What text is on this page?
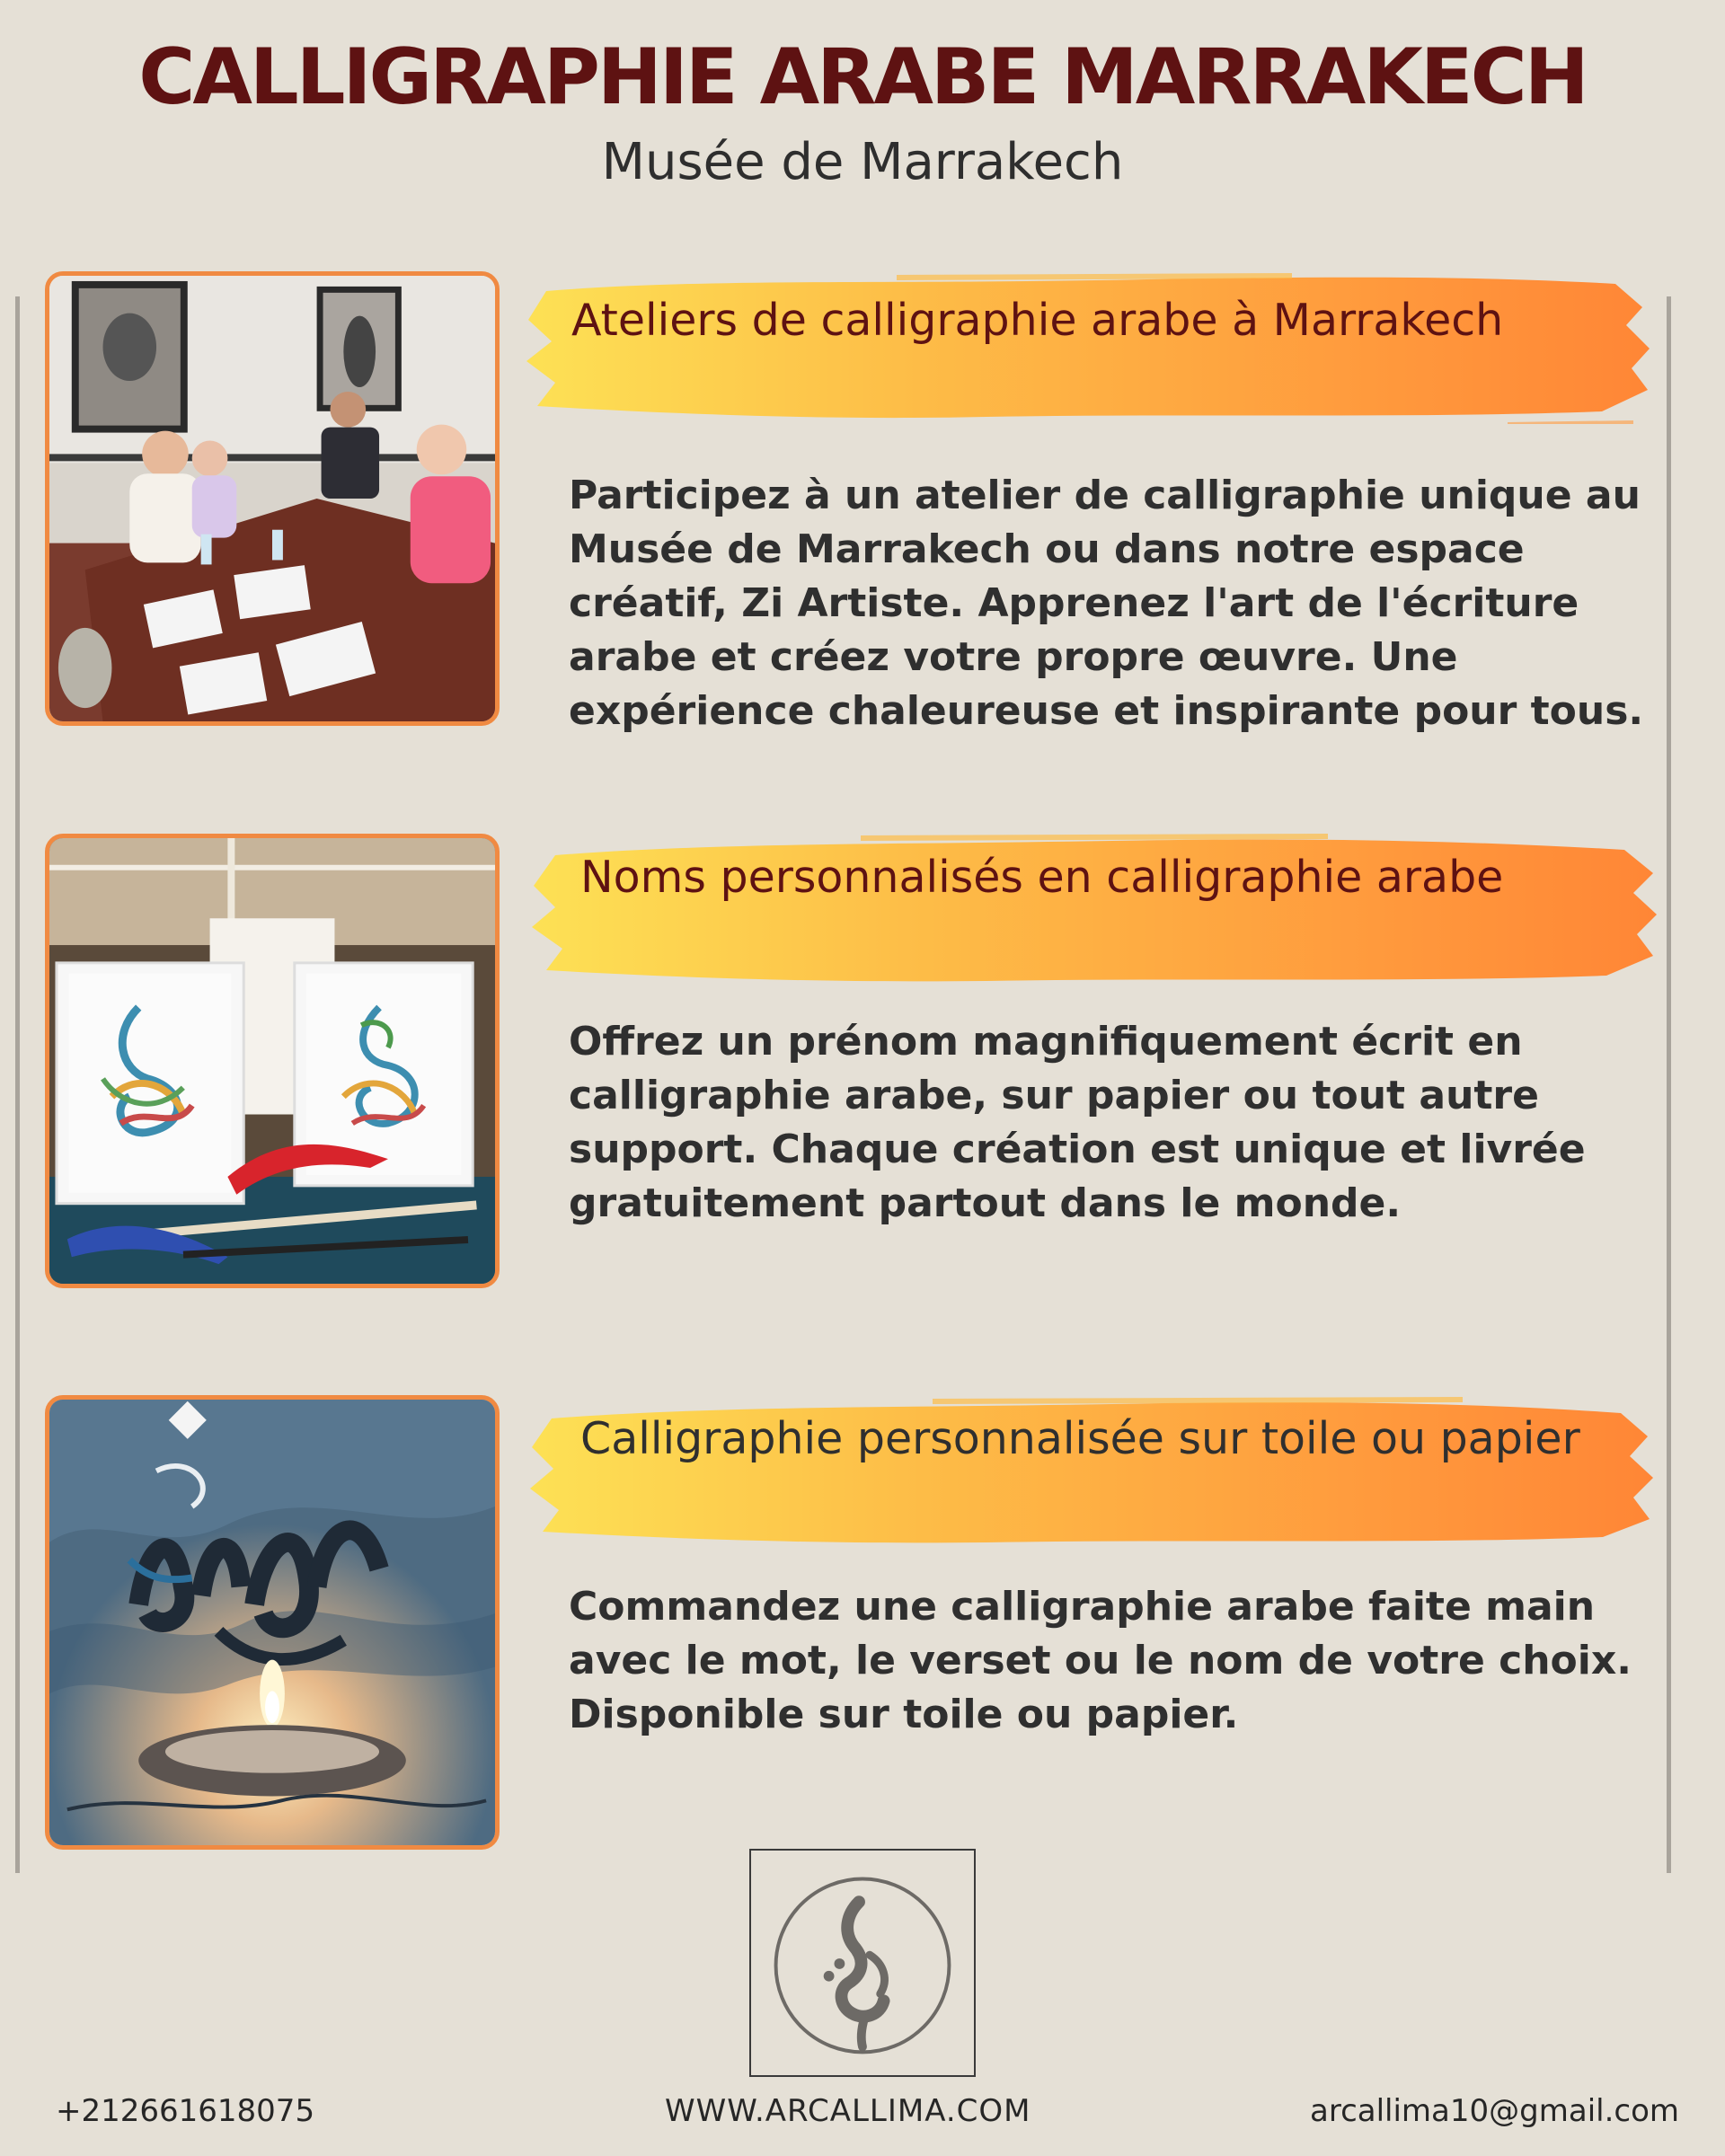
CALLIGRAPHIE ARABE MARRAKECH
Musée de Marrakech
Ateliers de calligraphie arabe à Marrakech

Participez à un atelier de calligraphie unique au Musée de Marrakech ou dans notre espace créatif, Zi Artiste. Apprenez l'art de l'écriture arabe et créez votre propre œuvre. Une expérience chaleureuse et inspirante pour tous.

Noms personnalisés en calligraphie arabe

Offrez un prénom magnifiquement écrit en calligraphie arabe, sur papier ou tout autre support. Chaque création est unique et livrée gratuitement partout dans le monde.

Calligraphie personnalisée sur toile ou papier

Commandez une calligraphie arabe faite main avec le mot, le verset ou le nom de votre choix. Disponible sur toile ou papier.

+212661618075	WWW.ARCALLIMA.COM	arcallima10@gmail.com
